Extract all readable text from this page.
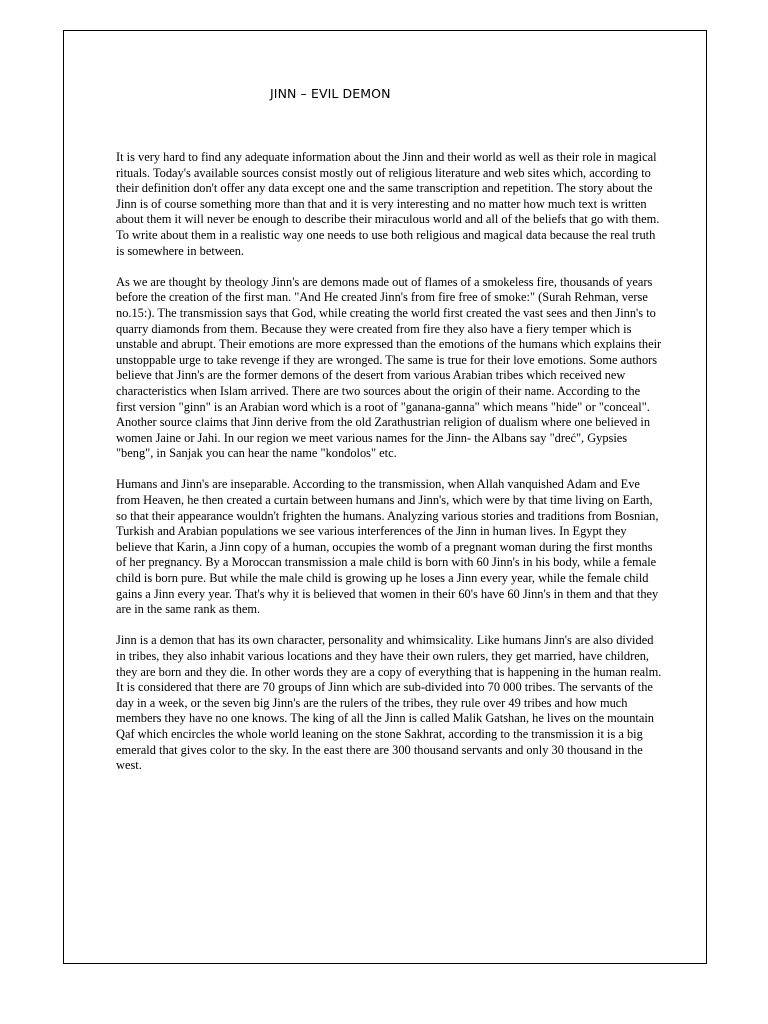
JINN – EVIL DEMON

It is very hard to find any adequate information about the Jinn and their world as well as their role in magical rituals. Today's available sources consist mostly out of religious literature and web sites which, according to their definition don't offer any data except one and the same transcription and repetition. The story about the Jinn is of course something more than that and it is very interesting and no matter how much text is written about them it will never be enough to describe their miraculous world and all of the beliefs that go with them. To write about them in a realistic way one needs to use both religious and magical data because the real truth is somewhere in between.

As we are thought by theology Jinn's are demons made out of flames of a smokeless fire, thousands of years before the creation of the first man. "And He created Jinn's from fire free of smoke:" (Surah Rehman, verse no.15:). The transmission says that God, while creating the world first created the vast sees and then Jinn's to quarry diamonds from them. Because they were created from fire they also have a fiery temper which is unstable and abrupt. Their emotions are more expressed than the emotions of the humans which explains their unstoppable urge to take revenge if they are wronged. The same is true for their love emotions. Some authors believe that Jinn's are the former demons of the desert from various Arabian tribes which received new characteristics when Islam arrived. There are two sources about the origin of their name. According to the first version "ginn" is an Arabian word which is a root of "ganana-ganna" which means "hide" or "conceal". Another source claims that Jinn derive from the old Zarathustrian religion of dualism where one believed in women Jaine or Jahi. In our region we meet various names for the Jinn- the Albans say "dreć", Gypsies "beng", in Sanjak you can hear the name "konđolos" etc.

Humans and Jinn's are inseparable. According to the transmission, when Allah vanquished Adam and Eve from Heaven, he then created a curtain between humans and Jinn's, which were by that time living on Earth, so that their appearance wouldn't frighten the humans. Analyzing various stories and traditions from Bosnian, Turkish and Arabian populations we see various interferences of the Jinn in human lives. In Egypt they believe that Karin, a Jinn copy of a human, occupies the womb of a pregnant woman during the first months of her pregnancy. By a Moroccan transmission a male child is born with 60 Jinn's in his body, while a female child is born pure. But while the male child is growing up he loses a Jinn every year, while the female child gains a Jinn every year. That's why it is believed that women in their 60's have 60 Jinn's in them and that they are in the same rank as them.

Jinn is a demon that has its own character, personality and whimsicality. Like humans Jinn's are also divided in tribes, they also inhabit various locations and they have their own rulers, they get married, have children, they are born and they die. In other words they are a copy of everything that is happening in the human realm. It is considered that there are 70 groups of Jinn which are sub-divided into 70 000 tribes. The servants of the day in a week, or the seven big Jinn's are the rulers of the tribes, they rule over 49 tribes and how much members they have no one knows. The king of all the Jinn is called Malik Gatshan, he lives on the mountain Qaf which encircles the whole world leaning on the stone Sakhrat, according to the transmission it is a big emerald that gives color to the sky. In the east there are 300 thousand servants and only 30 thousand in the west.
